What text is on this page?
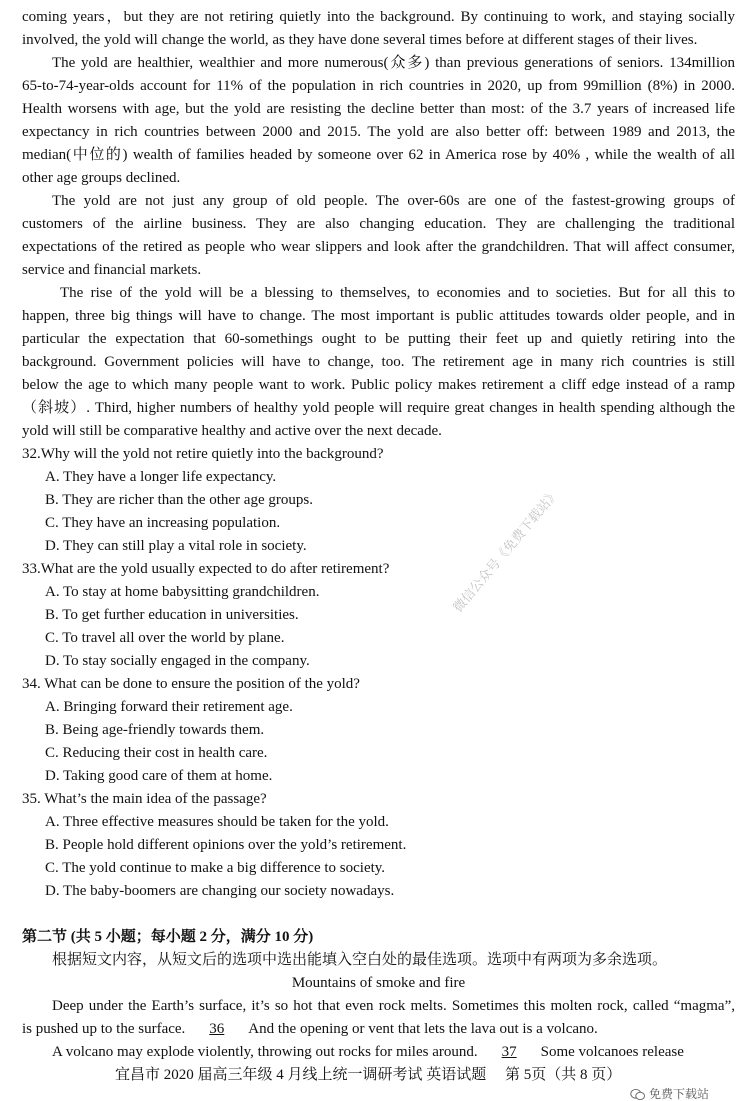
coming years，but they are not retiring quietly into the background. By continuing to work, and staying socially
involved, the yold will change the world, as they have done several times before at different stages of their lives.
The yold are healthier, wealthier and more numerous(众多) than previous generations of seniors. 134million
65-to-74-year-olds account for 11% of the population in rich countries in 2020, up from 99million (8%) in 2000.
Health worsens with age, but the yold are resisting the decline better than most: of the 3.7 years of increased life
expectancy in rich countries between 2000 and 2015. The yold are also better off: between 1989 and 2013, the
median(中位的) wealth of families headed by someone over 62 in America rose by 40% , while the wealth of all
other age groups declined.
The yold are not just any group of old people. The over-60s are one of the fastest-growing groups of
customers of the airline business. They are also changing education. They are challenging the traditional
expectations of the retired as people who wear slippers and look after the grandchildren. That will affect consumer,
service and financial markets.
The rise of the yold will be a blessing to themselves, to economies and to societies. But for all this to
happen, three big things will have to change. The most important is public attitudes towards older people, and in
particular the expectation that 60-somethings ought to be putting their feet up and quietly retiring into the
background. Government policies will have to change, too. The retirement age in many rich countries is still
below the age to which many people want to work. Public policy makes retirement a cliff edge instead of a ramp
（斜坡）. Third, higher numbers of healthy yold people will require great changes in health spending although the
yold will still be comparative healthy and active over the next decade.
32.Why will the yold not retire quietly into the background?
A. They have a longer life expectancy.
B. They are richer than the other age groups.
C. They have an increasing population.
D. They can still play a vital role in society.
33.What are the yold usually expected to do after retirement?
A. To stay at home babysitting grandchildren.
B. To get further education in universities.
C. To travel all over the world by plane.
D. To stay socially engaged in the company.
34. What can be done to ensure the position of the yold?
A. Bringing forward their retirement age.
B. Being age-friendly towards them.
C. Reducing their cost in health care.
D. Taking good care of them at home.
35. What’s the main idea of the passage?
A. Three effective measures should be taken for the yold.
B. People hold different opinions over the yold’s retirement.
C. The yold continue to make a big difference to society.
D. The baby-boomers are changing our society nowadays.
第二节 (共 5 小题；每小题 2 分，满分 10 分)
根据短文内容，从短文后的选项中选出能填入空白处的最佳选项。选项中有两项为多余选项。
Mountains of smoke and fire
Deep under the Earth’s surface, it’s so hot that even rock melts. Sometimes this molten rock, called “magma”,
is pushed up to the surface. 36 And the opening or vent that lets the lava out is a volcano.
A volcano may explode violently, throwing out rocks for miles around. 37 Some volcanoes release
宜昌市 2020 届高三年级 4 月线上统一调研考试 英语试题　 第 5页（共 8 页）
微信公众号《免费下载站》
免费下载站
